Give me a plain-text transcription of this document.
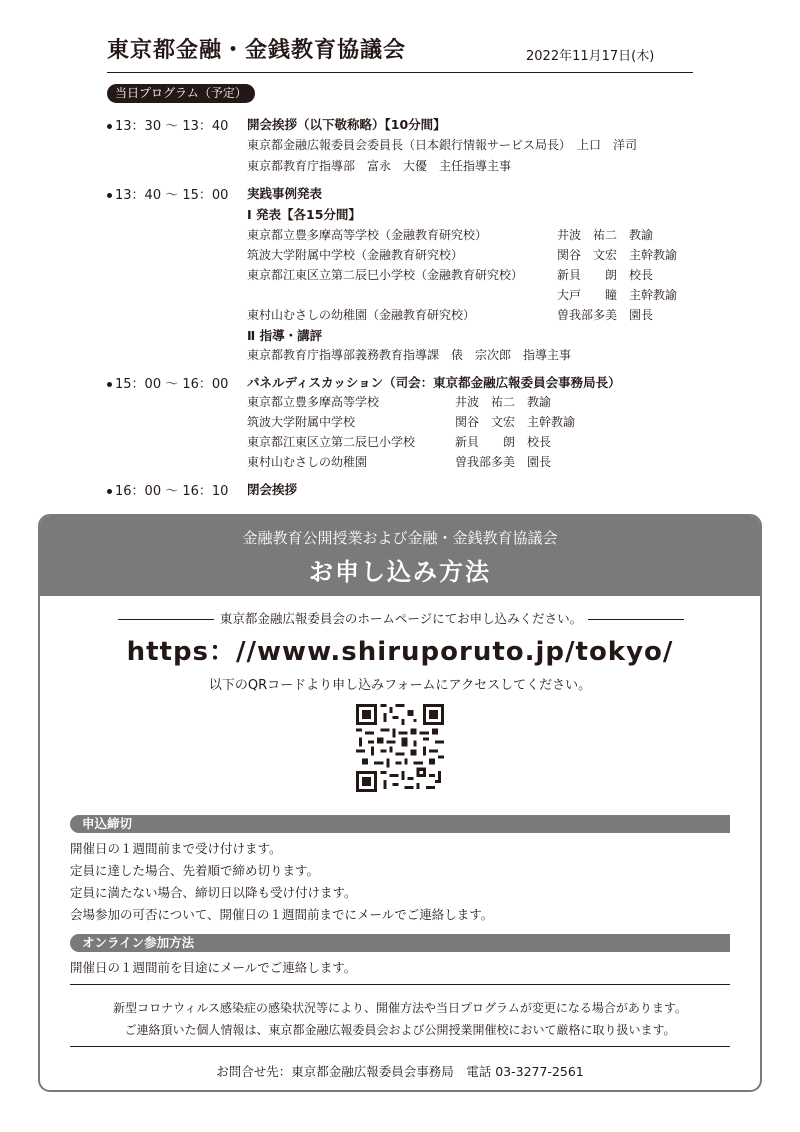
東京都金融・金銭教育協議会	2022年11月17日(木)
当日プログラム（予定）
13：30 〜 13：40 開会挨拶（以下敬称略）【10分間】
東京都金融広報委員会委員長（日本銀行情報サービス局長）　上口　洋司
東京都教育庁指導部　富永　大優　主任指導主事
13：40 〜 15：00 実践事例発表
Ⅰ 発表【各15分間】
東京都立豊多摩高等学校（金融教育研究校）	井波　祐二　教諭
筑波大学附属中学校（金融教育研究校）	関谷　文宏　主幹教諭
東京都江東区立第二辰巳小学校（金融教育研究校）	新貝　　朗　校長
大戸　　瞳　主幹教諭
東村山むさしの幼稚園（金融教育研究校）	曽我部多美　園長
Ⅱ 指導・講評
東京都教育庁指導部義務教育指導課　俵　宗次郎　指導主事
15：00 〜 16：00 パネルディスカッション（司会：東京都金融広報委員会事務局長）
東京都立豊多摩高等学校	井波　祐二　教諭
筑波大学附属中学校	関谷　文宏　主幹教諭
東京都江東区立第二辰巳小学校	新貝　　朗　校長
東村山むさしの幼稚園	曽我部多美　園長
16：00 〜 16：10 閉会挨拶
金融教育公開授業および金融・金銭教育協議会
お申し込み方法
東京都金融広報委員会のホームページにてお申し込みください。
https：//www.shiruporuto.jp/tokyo/
以下のQRコードより申し込みフォームにアクセスしてください。
申込締切
開催日の１週間前まで受け付けます。
定員に達した場合、先着順で締め切ります。
定員に満たない場合、締切日以降も受け付けます。
会場参加の可否について、開催日の１週間前までにメールでご連絡します。
オンライン参加方法
開催日の１週間前を目途にメールでご連絡します。
新型コロナウィルス感染症の感染状況等により、開催方法や当日プログラムが変更になる場合があります。
ご連絡頂いた個人情報は、東京都金融広報委員会および公開授業開催校において厳格に取り扱います。
お問合せ先：東京都金融広報委員会事務局　電話 03-3277-2561
